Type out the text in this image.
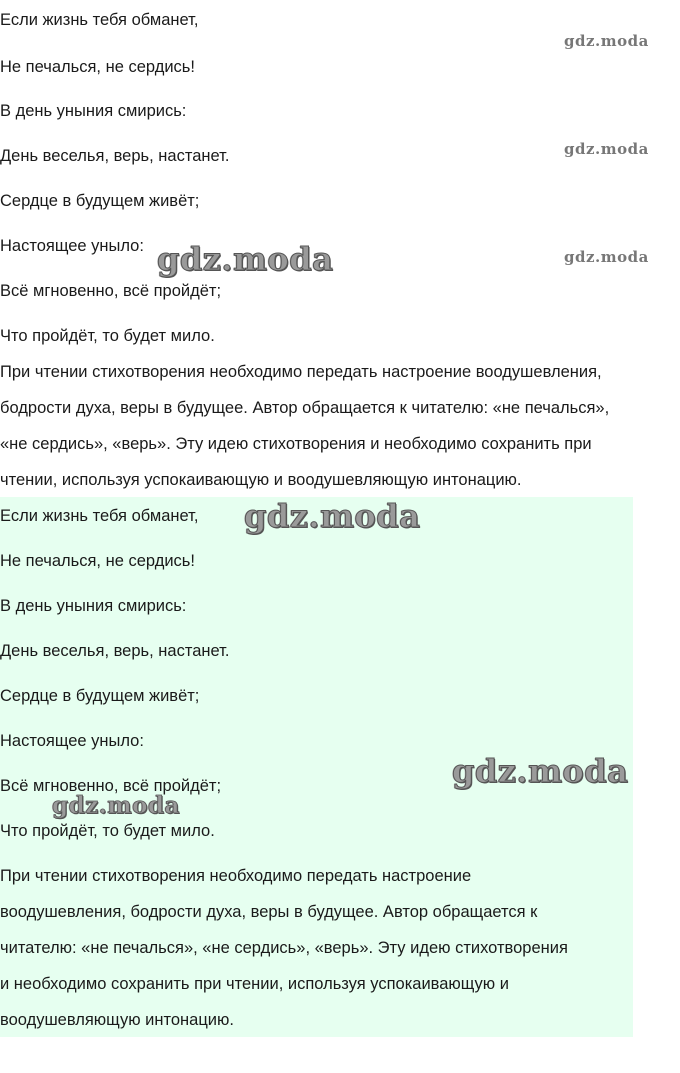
Если жизнь тебя обманет,

Не печалься, не сердись!

В день уныния смирись:

День веселья, верь, настанет.

Сердце в будущем живёт;

Настоящее уныло:

Всё мгновенно, всё пройдёт;

Что пройдёт, то будет мило.

При чтении стихотворения необходимо передать настроение воодушевления,

бодрости духа, веры в будущее. Автор обращается к читателю: «не печалься»,

«не сердись», «верь». Эту идею стихотворения и необходимо сохранить при

чтении, используя успокаивающую и воодушевляющую интонацию.

gdz.moda
gdz.moda
gdz.moda
gdz.moda

Если жизнь тебя обманет,

Не печалься, не сердись!

В день уныния смирись:

День веселья, верь, настанет.

Сердце в будущем живёт;

Настоящее уныло:

Всё мгновенно, всё пройдёт;

Что пройдёт, то будет мило.

При чтении стихотворения необходимо передать настроение

воодушевления, бодрости духа, веры в будущее. Автор обращается к

читателю: «не печалься», «не сердись», «верь». Эту идею стихотворения

и необходимо сохранить при чтении, используя успокаивающую и

воодушевляющую интонацию.

gdz.moda
gdz.moda
gdz.moda
